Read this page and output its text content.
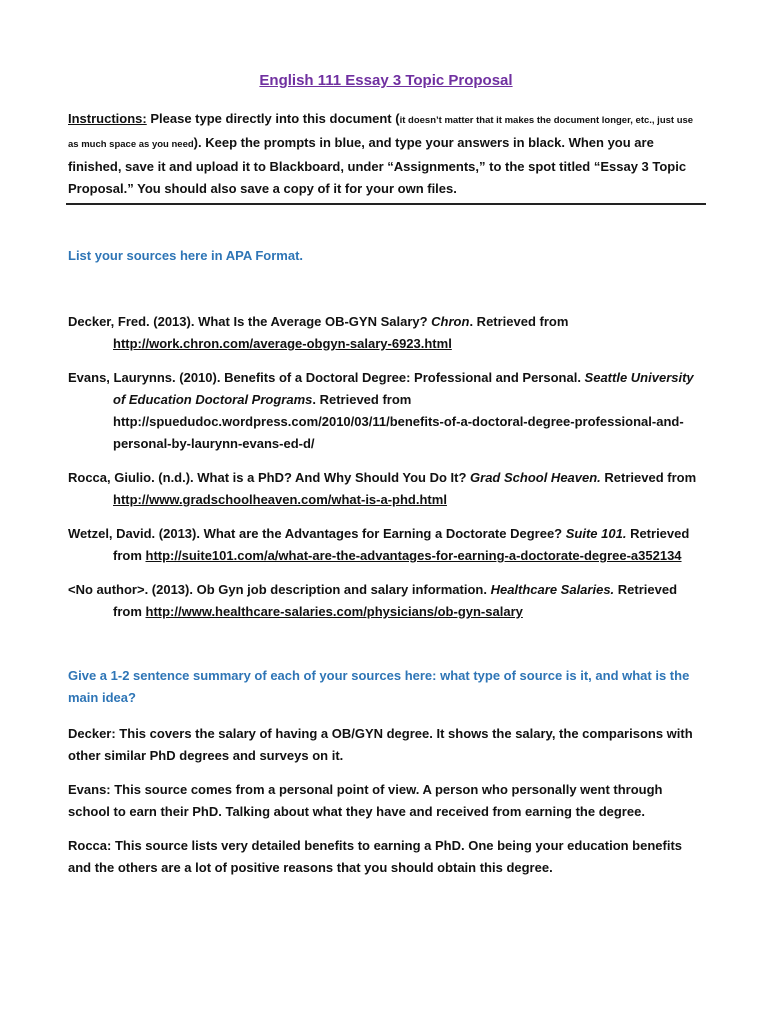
English 111 Essay 3 Topic Proposal

Instructions: Please type directly into this document (it doesn’t matter that it makes the document longer, etc., just use as much space as you need). Keep the prompts in blue, and type your answers in black. When you are finished, save it and upload it to Blackboard, under “Assignments,” to the spot titled “Essay 3 Topic Proposal.” You should also save a copy of it for your own files.

List your sources here in APA Format.

Decker, Fred. (2013). What Is the Average OB-GYN Salary? Chron. Retrieved from http://work.chron.com/average-obgyn-salary-6923.html

Evans, Laurynns. (2010). Benefits of a Doctoral Degree: Professional and Personal. Seattle University of Education Doctoral Programs. Retrieved from http://spuedudoc.wordpress.com/2010/03/11/benefits-of-a-doctoral-degree-professional-and-personal-by-laurynn-evans-ed-d/

Rocca, Giulio. (n.d.). What is a PhD? And Why Should You Do It? Grad School Heaven. Retrieved from http://www.gradschoolheaven.com/what-is-a-phd.html

Wetzel, David. (2013). What are the Advantages for Earning a Doctorate Degree? Suite 101. Retrieved from http://suite101.com/a/what-are-the-advantages-for-earning-a-doctorate-degree-a352134

<No author>. (2013). Ob Gyn job description and salary information. Healthcare Salaries. Retrieved from http://www.healthcare-salaries.com/physicians/ob-gyn-salary

Give a 1-2 sentence summary of each of your sources here: what type of source is it, and what is the main idea?

Decker: This covers the salary of having a OB/GYN degree. It shows the salary, the comparisons with other similar PhD degrees and surveys on it.

Evans: This source comes from a personal point of view. A person who personally went through school to earn their PhD. Talking about what they have and received from earning the degree.

Rocca: This source lists very detailed benefits to earning a PhD. One being your education benefits and the others are a lot of positive reasons that you should obtain this degree.
